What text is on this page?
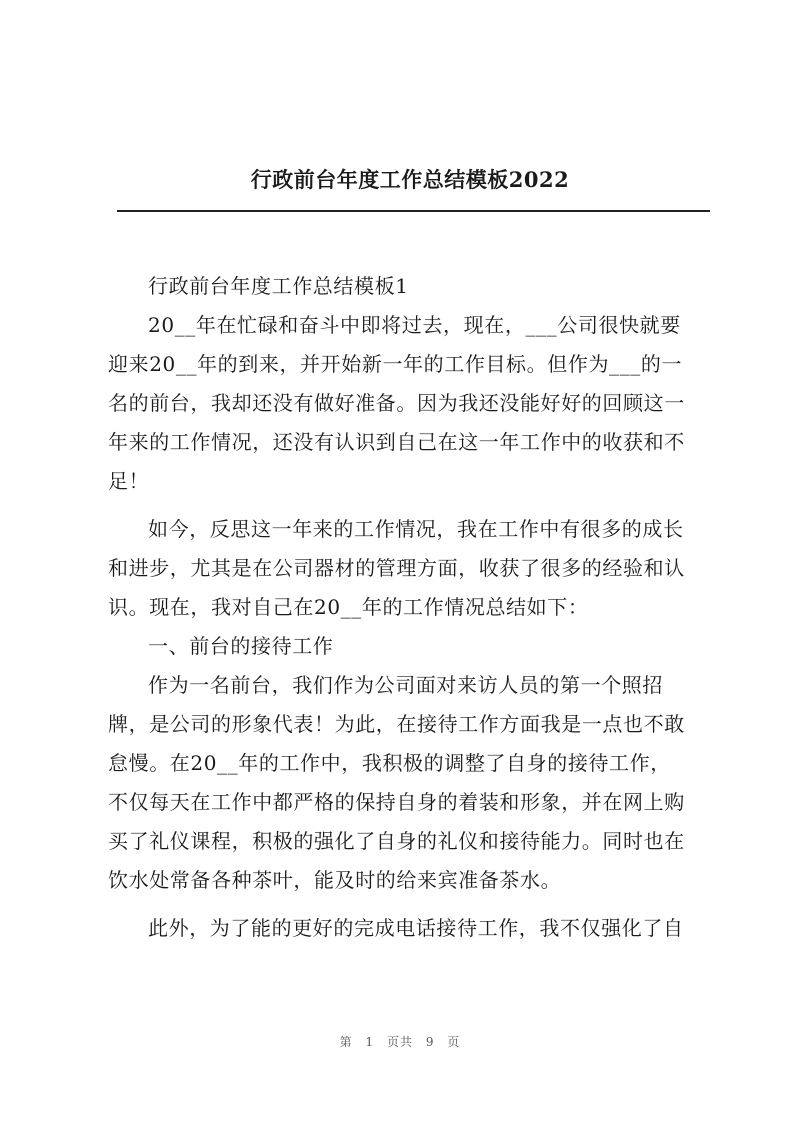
行政前台年度工作总结模板2022
行政前台年度工作总结模板1
20__年在忙碌和奋斗中即将过去，现在，___公司很快就要
迎来20__年的到来，并开始新一年的工作目标。但作为___的一
名的前台，我却还没有做好准备。因为我还没能好好的回顾这一
年来的工作情况，还没有认识到自己在这一年工作中的收获和不
足！
如今，反思这一年来的工作情况，我在工作中有很多的成长
和进步，尤其是在公司器材的管理方面，收获了很多的经验和认
识。现在，我对自己在20__年的工作情况总结如下：
一、前台的接待工作
作为一名前台，我们作为公司面对来访人员的第一个照招
牌，是公司的形象代表！为此，在接待工作方面我是一点也不敢
怠慢。在20__年的工作中，我积极的调整了自身的接待工作，
不仅每天在工作中都严格的保持自身的着装和形象，并在网上购
买了礼仪课程，积极的强化了自身的礼仪和接待能力。同时也在
饮水处常备各种茶叶，能及时的给来宾准备茶水。
此外，为了能的更好的完成电话接待工作，我不仅强化了自
第 1 页共 9 页
